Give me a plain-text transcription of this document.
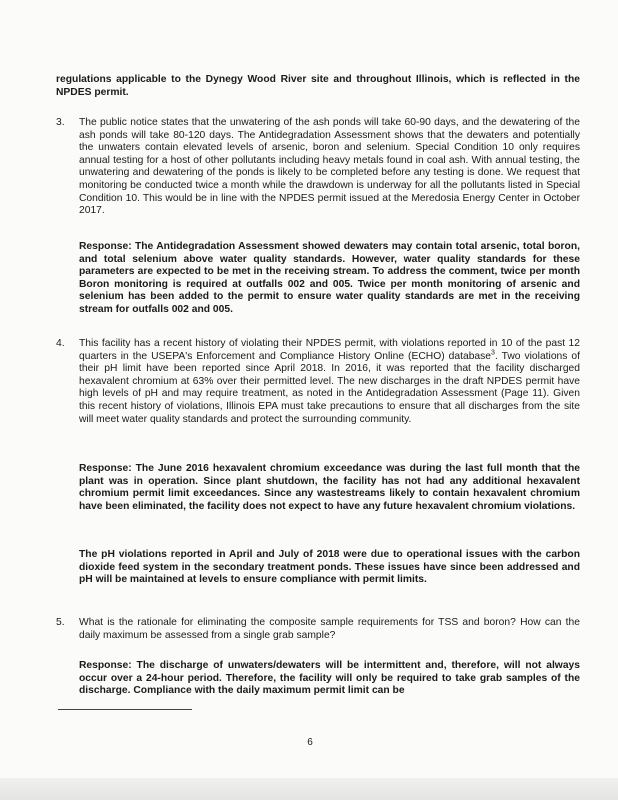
regulations applicable to the Dynegy Wood River site and throughout Illinois, which is reflected in the NPDES permit.
3.	The public notice states that the unwatering of the ash ponds will take 60-90 days, and the dewatering of the ash ponds will take 80-120 days. The Antidegradation Assessment shows that the dewaters and potentially the unwaters contain elevated levels of arsenic, boron and selenium. Special Condition 10 only requires annual testing for a host of other pollutants including heavy metals found in coal ash. With annual testing, the unwatering and dewatering of the ponds is likely to be completed before any testing is done. We request that monitoring be conducted twice a month while the drawdown is underway for all the pollutants listed in Special Condition 10. This would be in line with the NPDES permit issued at the Meredosia Energy Center in October 2017.
Response: The Antidegradation Assessment showed dewaters may contain total arsenic, total boron, and total selenium above water quality standards. However, water quality standards for these parameters are expected to be met in the receiving stream. To address the comment, twice per month Boron monitoring is required at outfalls 002 and 005. Twice per month monitoring of arsenic and selenium has been added to the permit to ensure water quality standards are met in the receiving stream for outfalls 002 and 005.
4.	This facility has a recent history of violating their NPDES permit, with violations reported in 10 of the past 12 quarters in the USEPA's Enforcement and Compliance History Online (ECHO) database$^3$. Two violations of their pH limit have been reported since April 2018. In 2016, it was reported that the facility discharged hexavalent chromium at 63% over their permitted level. The new discharges in the draft NPDES permit have high levels of pH and may require treatment, as noted in the Antidegradation Assessment (Page 11). Given this recent history of violations, Illinois EPA must take precautions to ensure that all discharges from the site will meet water quality standards and protect the surrounding community.
Response: The June 2016 hexavalent chromium exceedance was during the last full month that the plant was in operation. Since plant shutdown, the facility has not had any additional hexavalent chromium permit limit exceedances. Since any wastestreams likely to contain hexavalent chromium have been eliminated, the facility does not expect to have any future hexavalent chromium violations.
The pH violations reported in April and July of 2018 were due to operational issues with the carbon dioxide feed system in the secondary treatment ponds. These issues have since been addressed and pH will be maintained at levels to ensure compliance with permit limits.
5.	What is the rationale for eliminating the composite sample requirements for TSS and boron? How can the daily maximum be assessed from a single grab sample?
Response: The discharge of unwaters/dewaters will be intermittent and, therefore, will not always occur over a 24-hour period. Therefore, the facility will only be required to take grab samples of the discharge. Compliance with the daily maximum permit limit can be
6
